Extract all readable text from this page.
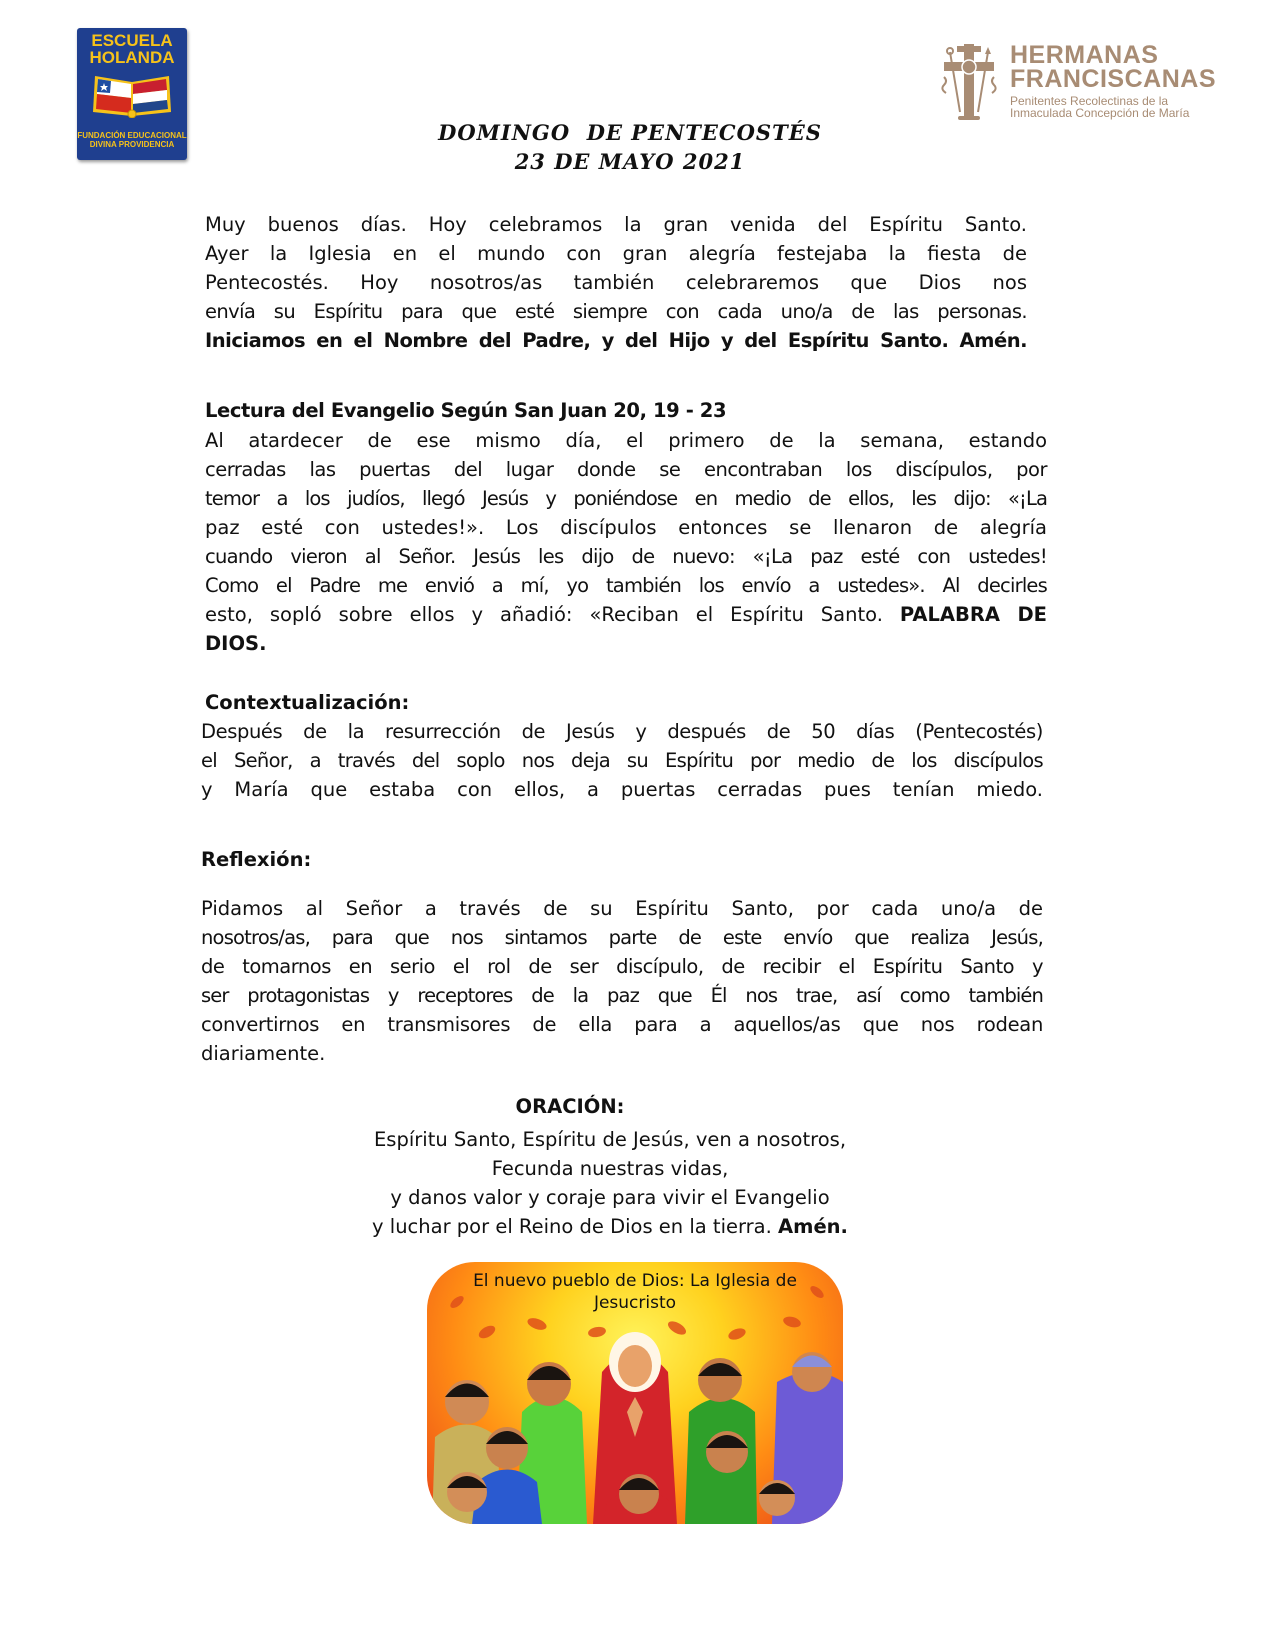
ESCUELA
HOLANDA
FUNDACIÓN EDUCACIONAL
DIVINA PROVIDENCIA
HERMANAS
FRANCISCANAS
Penitentes Recolectinas de la
Inmaculada Concepción de María
DOMINGO  DE PENTECOSTÉS
23 DE MAYO 2021
Muy buenos días. Hoy celebramos la gran venida del Espíritu Santo.
Ayer la Iglesia en el mundo con gran alegría festejaba la fiesta de
Pentecostés. Hoy nosotros/as también celebraremos que Dios nos
envía su Espíritu para que esté siempre con cada uno/a de las personas.
Iniciamos en el Nombre del Padre, y del Hijo y del Espíritu Santo. Amén.
Lectura del Evangelio Según San Juan 20, 19 - 23
Al atardecer de ese mismo día, el primero de la semana, estando
cerradas las puertas del lugar donde se encontraban los discípulos, por
temor a los judíos, llegó Jesús y poniéndose en medio de ellos, les dijo: «¡La
paz esté con ustedes!». Los discípulos entonces se llenaron de alegría
cuando vieron al Señor. Jesús les dijo de nuevo: «¡La paz esté con ustedes!
Como el Padre me envió a mí, yo también los envío a ustedes». Al decirles
esto, sopló sobre ellos y añadió: «Reciban el Espíritu Santo. PALABRA DE
DIOS.
Contextualización:
Después de la resurrección de Jesús y después de 50 días (Pentecostés)
el Señor, a través del soplo nos deja su Espíritu por medio de los discípulos
y María que estaba con ellos, a puertas cerradas pues tenían miedo.
Reflexión:
Pidamos al Señor a través de su Espíritu Santo, por cada uno/a de
nosotros/as, para que nos sintamos parte de este envío que realiza Jesús,
de tomarnos en serio el rol de ser discípulo, de recibir el Espíritu Santo y
ser protagonistas y receptores de la paz que Él nos trae, así como también
convertirnos en transmisores de ella para a aquellos/as que nos rodean
diariamente.
ORACIÓN:
Espíritu Santo, Espíritu de Jesús, ven a nosotros,
Fecunda nuestras vidas,
y danos valor y coraje para vivir el Evangelio
y luchar por el Reino de Dios en la tierra. Amén.
El nuevo pueblo de Dios: La Iglesia de
Jesucristo
